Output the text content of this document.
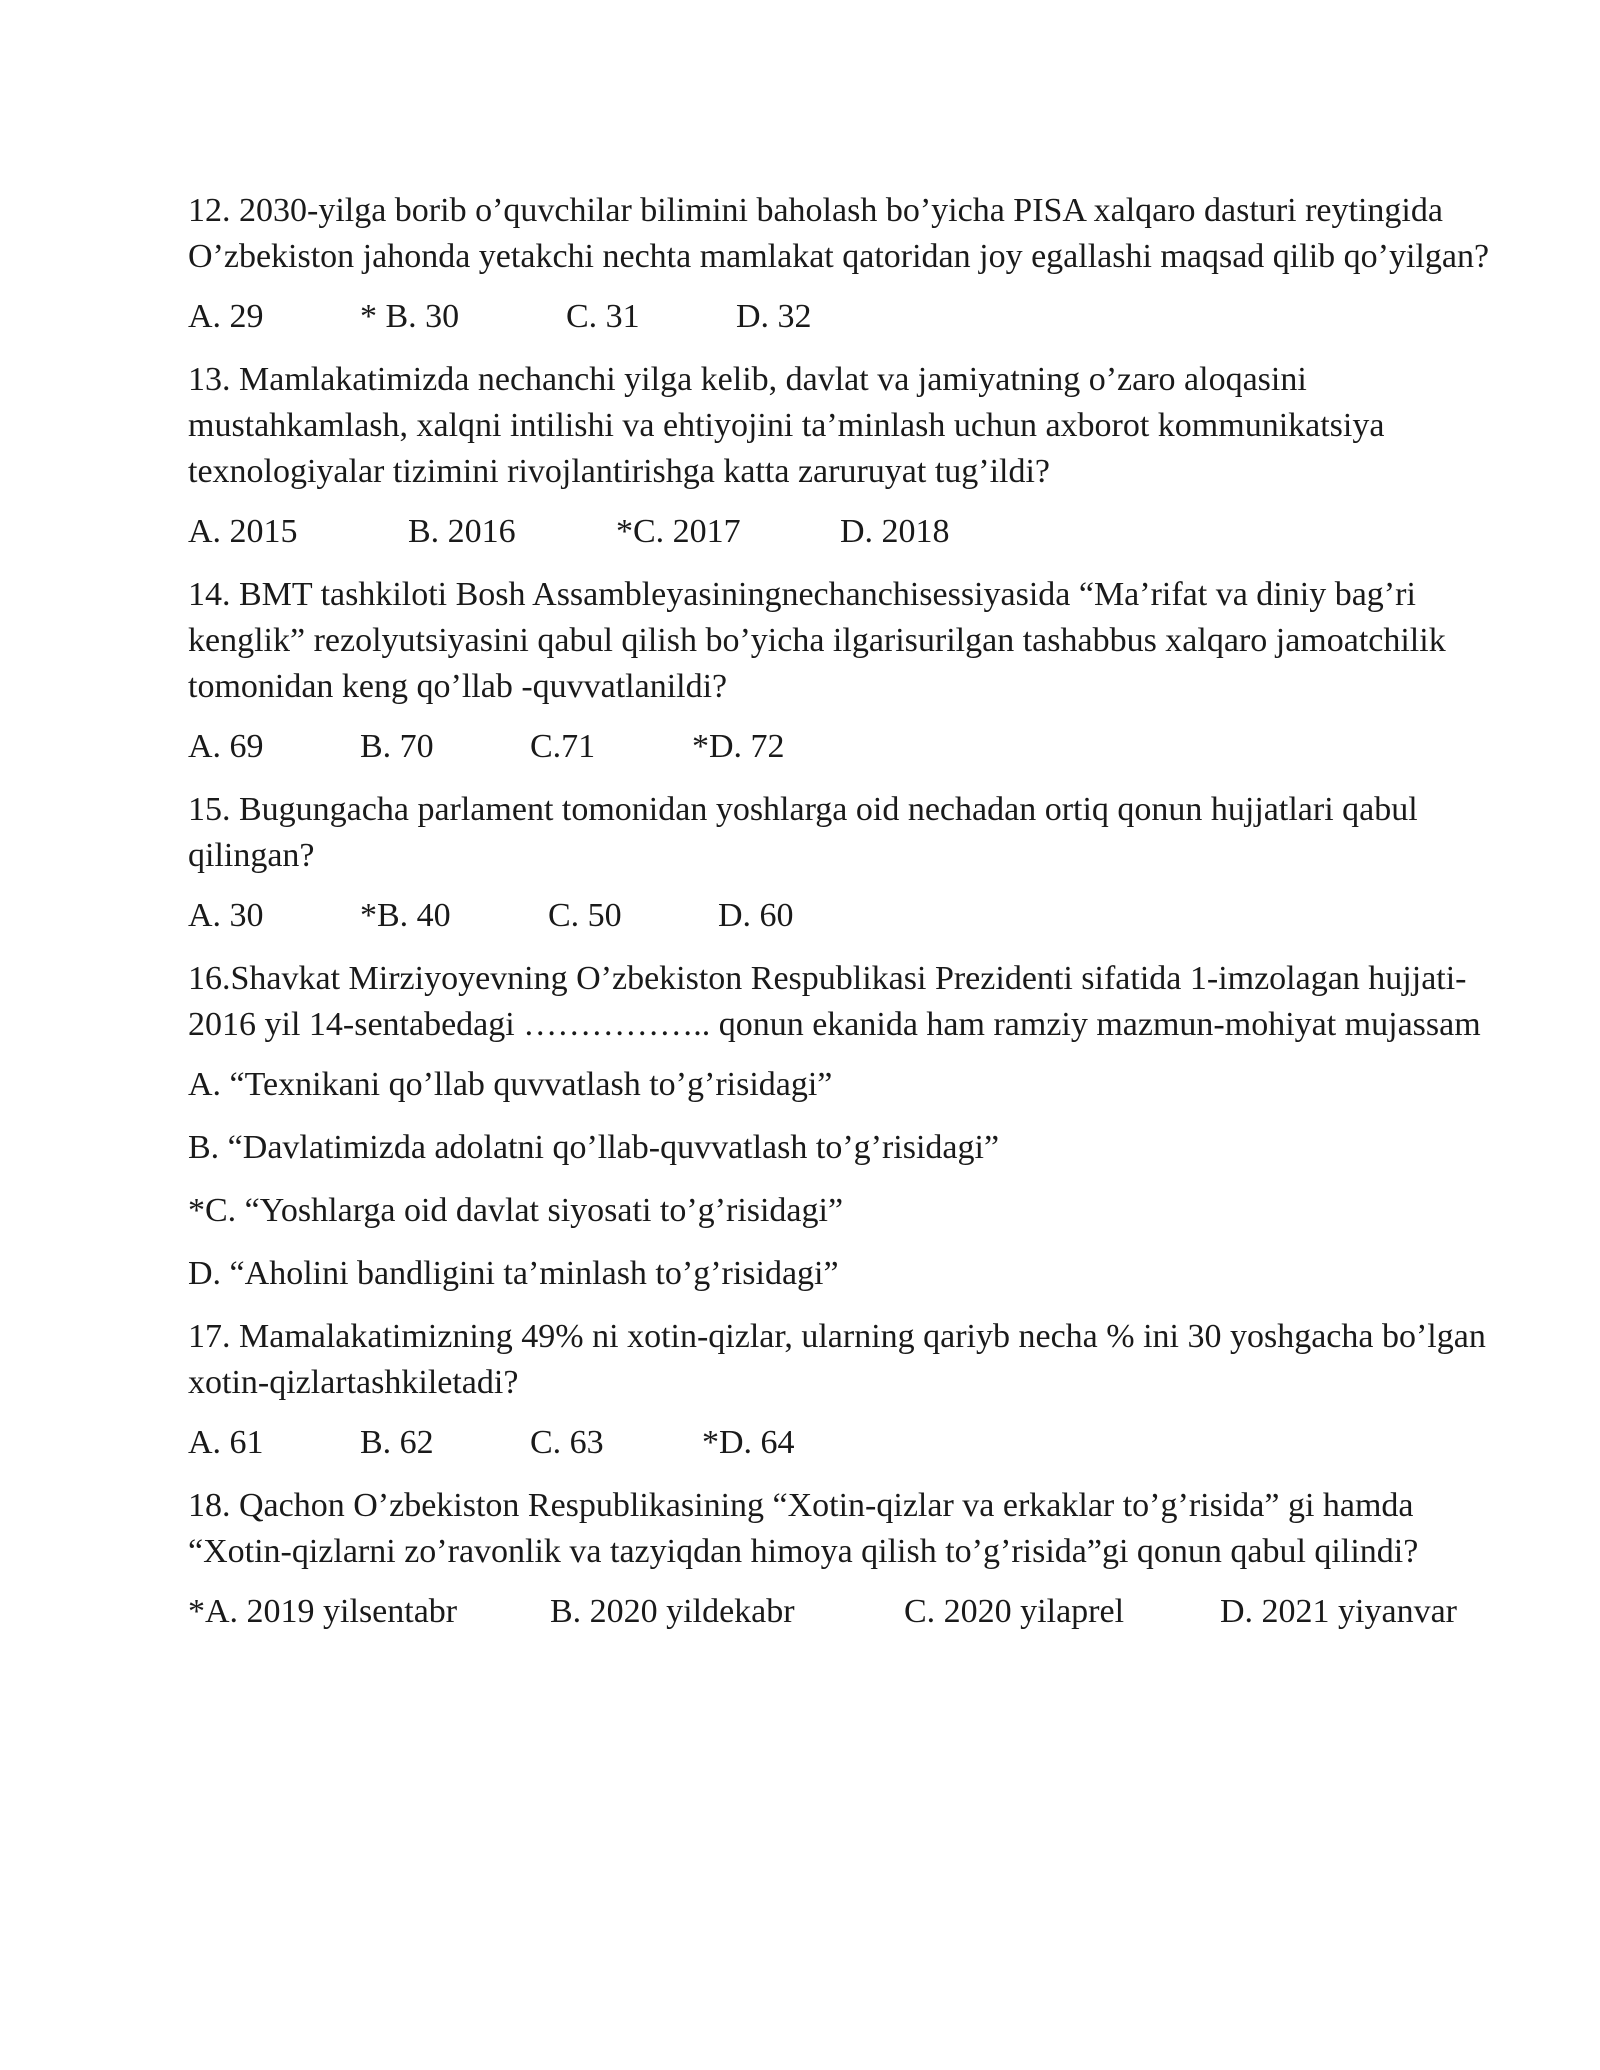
12. 2030-yilga borib o’quvchilar bilimini baholash bo’yicha PISA xalqaro dasturi reytingida O’zbekiston jahonda yetakchi nechta mamlakat qatoridan joy egallashi maqsad qilib qo’yilgan?

A. 29	* B. 30	C. 31	D. 32

13. Mamlakatimizda nechanchi yilga kelib, davlat va jamiyatning o’zaro aloqasini mustahkamlash, xalqni intilishi va ehtiyojini ta’minlash uchun axborot kommunikatsiya texnologiyalar tizimini rivojlantirishga katta zaruruyat tug’ildi?

A. 2015	B. 2016	*C. 2017	D. 2018

14. BMT tashkiloti Bosh Assambleyasiningnechanchisessiyasida “Ma’rifat va diniy bag’ri kenglik” rezolyutsiyasini qabul qilish bo’yicha ilgarisurilgan tashabbus xalqaro jamoatchilik tomonidan keng qo’llab -quvvatlanildi?

A. 69	B. 70	C.71	*D. 72

15. Bugungacha parlament tomonidan yoshlarga oid nechadan ortiq qonun hujjatlari qabul qilingan?

A. 30	*B. 40	C. 50	D. 60

16.Shavkat Mirziyoyevning O’zbekiston Respublikasi Prezidenti sifatida 1-imzolagan hujjati-2016 yil 14-sentabedagi …………….. qonun ekanida ham ramziy mazmun-mohiyat mujassam

A. “Texnikani qo’llab quvvatlash to’g’risidagi”
B. “Davlatimizda adolatni qo’llab-quvvatlash to’g’risidagi”
*C. “Yoshlarga oid davlat siyosati to’g’risidagi”
D. “Aholini bandligini ta’minlash to’g’risidagi”

17. Mamalakatimizning 49% ni xotin-qizlar, ularning qariyb necha % ini 30 yoshgacha bo’lgan xotin-qizlartashkiletadi?

A. 61	B. 62	C. 63	*D. 64

18. Qachon O’zbekiston Respublikasining “Xotin-qizlar va erkaklar to’g’risida” gi hamda “Xotin-qizlarni zo’ravonlik va tazyiqdan himoya qilish to’g’risida”gi qonun qabul qilindi?

*A. 2019 yilsentabr	B. 2020 yildekabr	C. 2020 yilaprel	D. 2021 yiyanvar
